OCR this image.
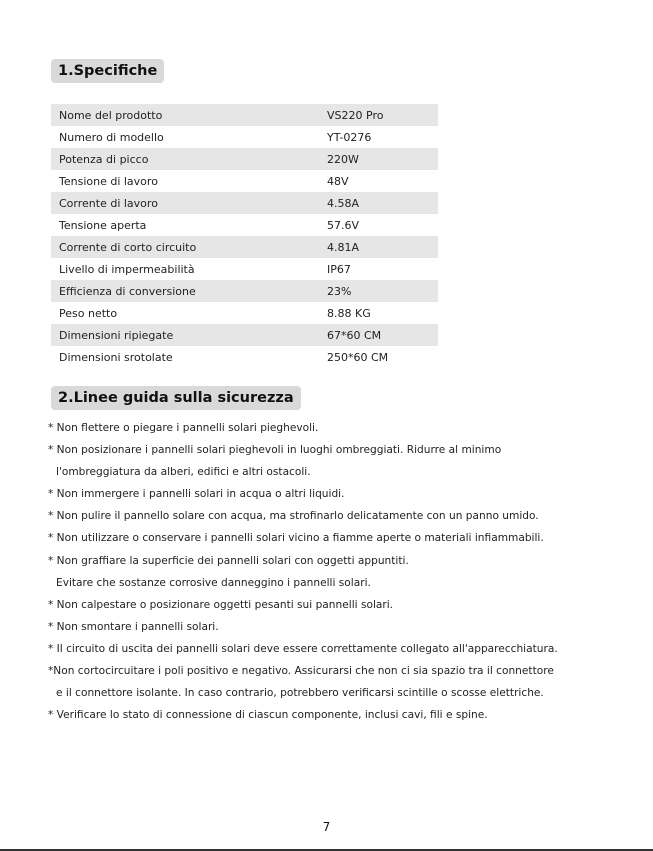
1.Specifiche
Nome del prodotto	VS220 Pro
Numero di modello	YT-0276
Potenza di picco	220W
Tensione di lavoro	48V
Corrente di lavoro	4.58A
Tensione aperta	57.6V
Corrente di corto circuito	4.81A
Livello di impermeabilità	IP67
Efficienza di conversione	23%
Peso netto	8.88 KG
Dimensioni ripiegate	67*60 CM
Dimensioni srotolate	250*60 CM
2.Linee guida sulla sicurezza
* Non flettere o piegare i pannelli solari pieghevoli.
* Non posizionare i pannelli solari pieghevoli in luoghi ombreggiati. Ridurre al minimo
l'ombreggiatura da alberi, edifici e altri ostacoli.
* Non immergere i pannelli solari in acqua o altri liquidi.
* Non pulire il pannello solare con acqua, ma strofinarlo delicatamente con un panno umido.
* Non utilizzare o conservare i pannelli solari vicino a fiamme aperte o materiali infiammabili.
* Non graffiare la superficie dei pannelli solari con oggetti appuntiti.
Evitare che sostanze corrosive danneggino i pannelli solari.
* Non calpestare o posizionare oggetti pesanti sui pannelli solari.
* Non smontare i pannelli solari.
* Il circuito di uscita dei pannelli solari deve essere correttamente collegato all'apparecchiatura.
*Non cortocircuitare i poli positivo e negativo. Assicurarsi che non ci sia spazio tra il connettore
e il connettore isolante. In caso contrario, potrebbero verificarsi scintille o scosse elettriche.
* Verificare lo stato di connessione di ciascun componente, inclusi cavi, fili e spine.
7
